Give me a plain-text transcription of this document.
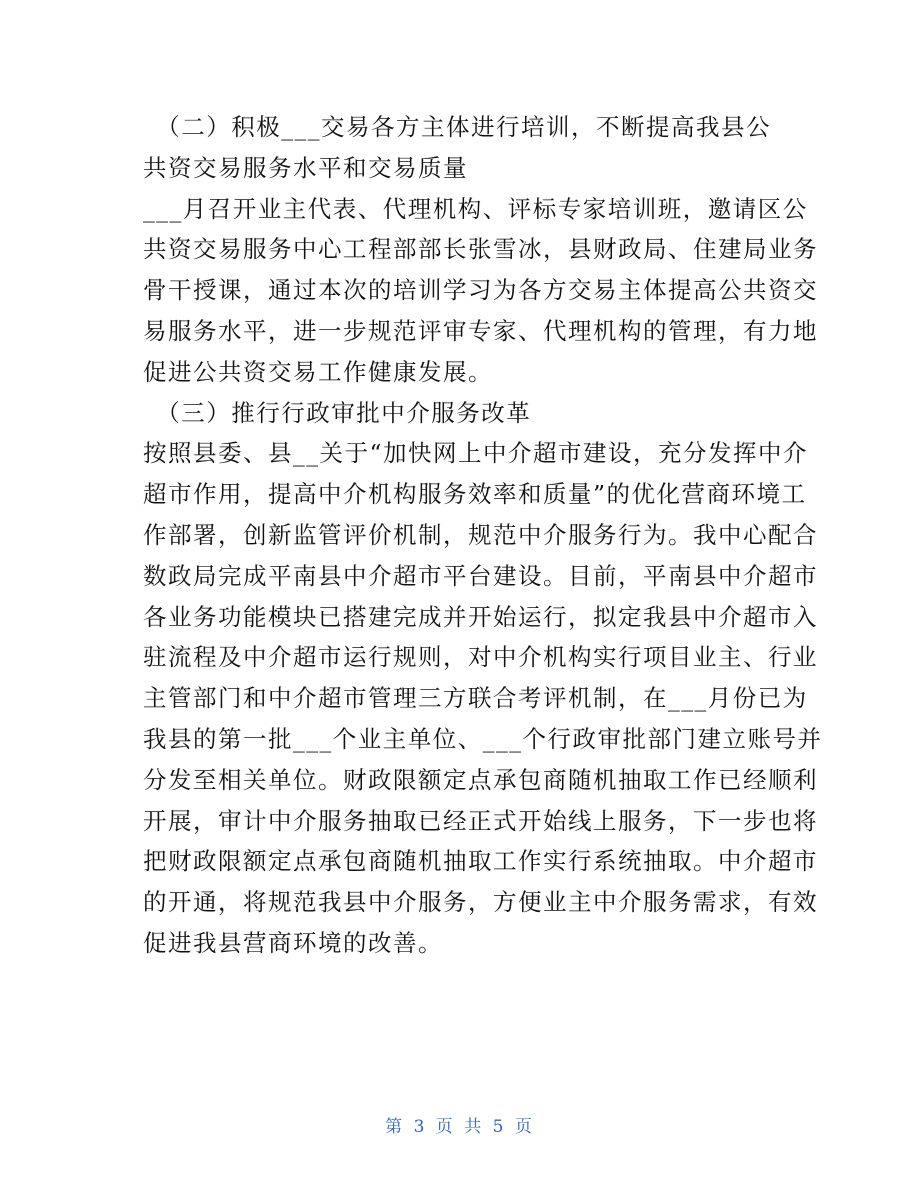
　（二）积极___交易各方主体进行培训，不断提高我县公
共资交易服务水平和交易质量
___月召开业主代表、代理机构、评标专家培训班，邀请区公
共资交易服务中心工程部部长张雪冰，县财政局、住建局业务
骨干授课，通过本次的培训学习为各方交易主体提高公共资交
易服务水平，进一步规范评审专家、代理机构的管理，有力地
促进公共资交易工作健康发展。
　（三）推行行政审批中介服务改革
按照县委、县__关于“加快网上中介超市建设，充分发挥中介
超市作用，提高中介机构服务效率和质量”的优化营商环境工
作部署，创新监管评价机制，规范中介服务行为。我中心配合
数政局完成平南县中介超市平台建设。目前，平南县中介超市
各业务功能模块已搭建完成并开始运行，拟定我县中介超市入
驻流程及中介超市运行规则，对中介机构实行项目业主、行业
主管部门和中介超市管理三方联合考评机制，在___月份已为
我县的第一批___个业主单位、___个行政审批部门建立账号并
分发至相关单位。财政限额定点承包商随机抽取工作已经顺利
开展，审计中介服务抽取已经正式开始线上服务，下一步也将
把财政限额定点承包商随机抽取工作实行系统抽取。中介超市
的开通，将规范我县中介服务，方便业主中介服务需求，有效
促进我县营商环境的改善。
第 3 页 共 5 页
